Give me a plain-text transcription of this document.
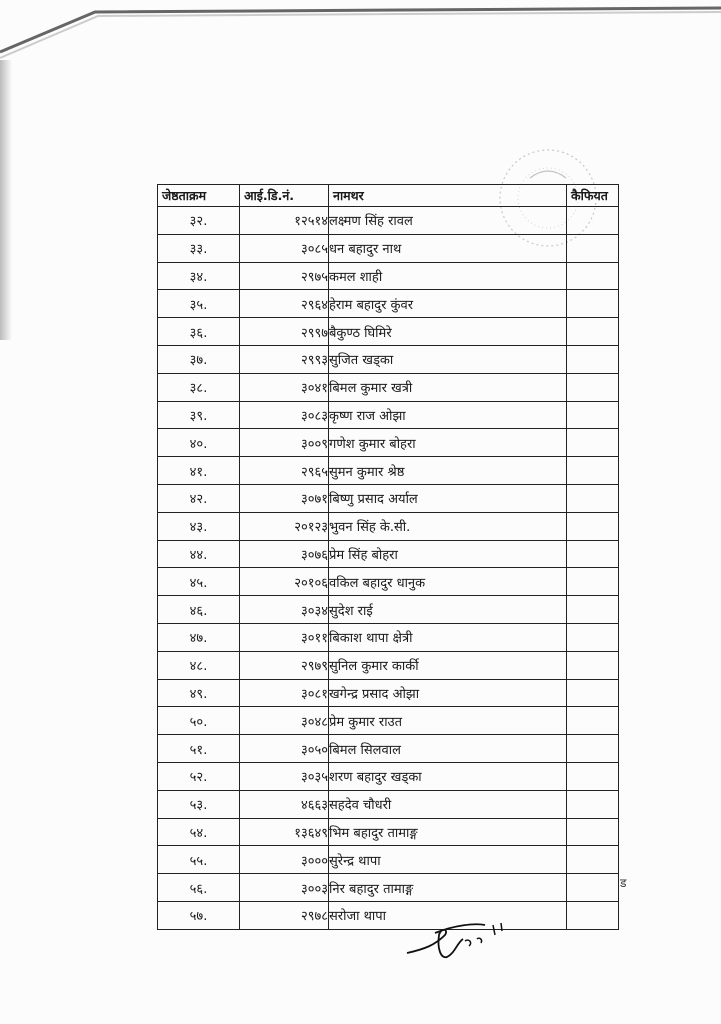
जेष्ठताक्रम	आई.डि.नं.	नामथर	कैफियत
३२.	१२५१४	लक्ष्मण सिंह रावल	
३३.	३०८५	धन बहादुर नाथ	
३४.	२९७५	कमल शाही	
३५.	२९६४	हेराम बहादुर कुंवर	
३६.	२९९७	बैकुण्ठ घिमिरे	
३७.	२९९३	सुजित खड्का	
३८.	३०४१	बिमल कुमार खत्री	
३९.	३०८३	कृष्ण राज ओझा	
४०.	३००९	गणेश कुमार बोहरा	
४१.	२९६५	सुमन कुमार श्रेष्ठ	
४२.	३०७१	बिष्णु प्रसाद अर्याल	
४३.	२०१२३	भुवन सिंह के.सी.	
४४.	३०७६	प्रेम सिंह बोहरा	
४५.	२०१०६	वकिल बहादुर धानुक	
४६.	३०३४	सुदेश राई	
४७.	३०११	बिकाश थापा क्षेत्री	
४८.	२९७९	सुनिल कुमार कार्की	
४९.	३०८१	खगेन्द्र प्रसाद ओझा	
५०.	३०४८	प्रेम कुमार राउत	
५१.	३०५०	बिमल सिलवाल	
५२.	३०३५	शरण बहादुर खड्का	
५३.	४६६३	सहदेव चौधरी	
५४.	१३६४९	भिम बहादुर तामाङ्ग	
५५.	३०००	सुरेन्द्र थापा	
५६.	३००३	निर बहादुर तामाङ्ग	
५७.	२९७८	सरोजा थापा	
ड
